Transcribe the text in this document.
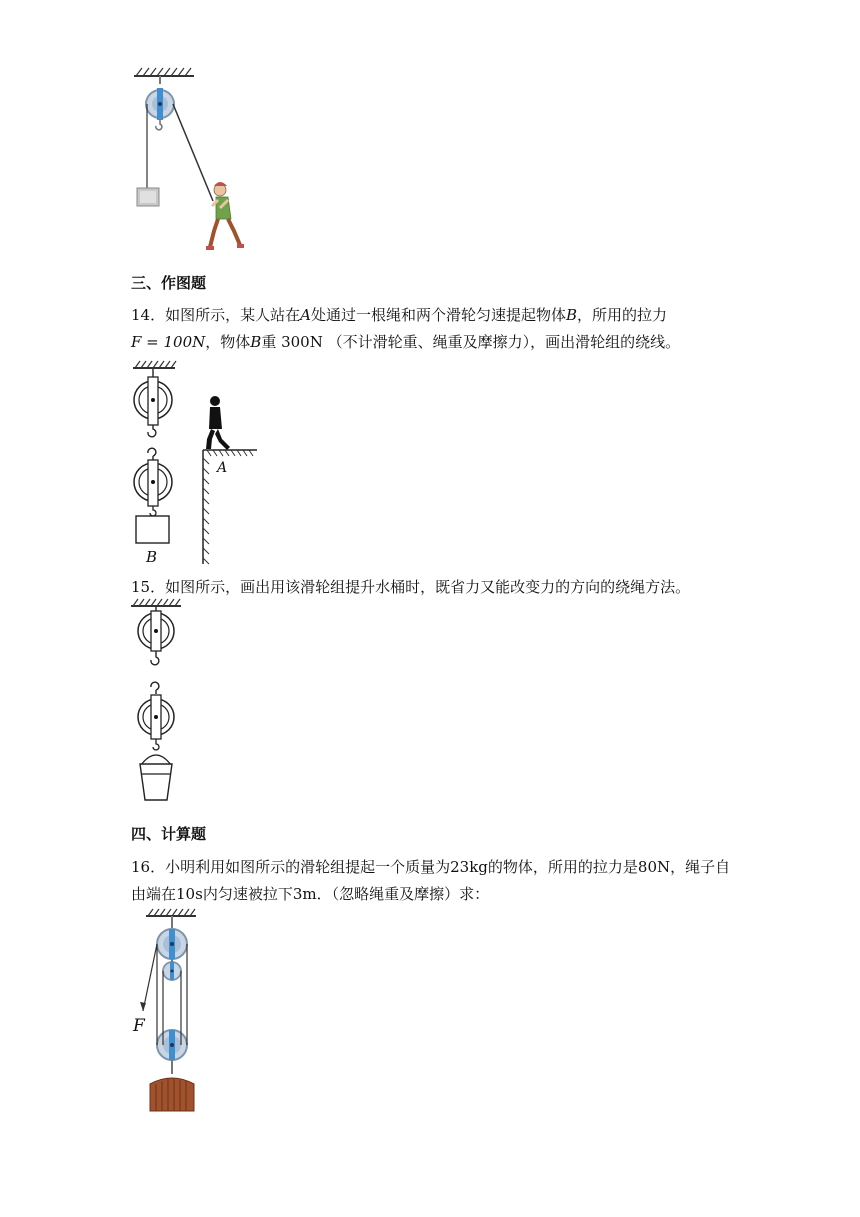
三、作图题
14．如图所示，某人站在A处通过一根绳和两个滑轮匀速提起物体B，所用的拉力
F = 100N，物体B重 300N （不计滑轮重、绳重及摩擦力），画出滑轮组的绕线。
A
B
15．如图所示，画出用该滑轮组提升水桶时，既省力又能改变力的方向的绕绳方法。
四、计算题
16．小明利用如图所示的滑轮组提起一个质量为23kg的物体，所用的拉力是80N，绳子自
由端在10s内匀速被拉下3m．（忽略绳重及摩擦）求：
F
